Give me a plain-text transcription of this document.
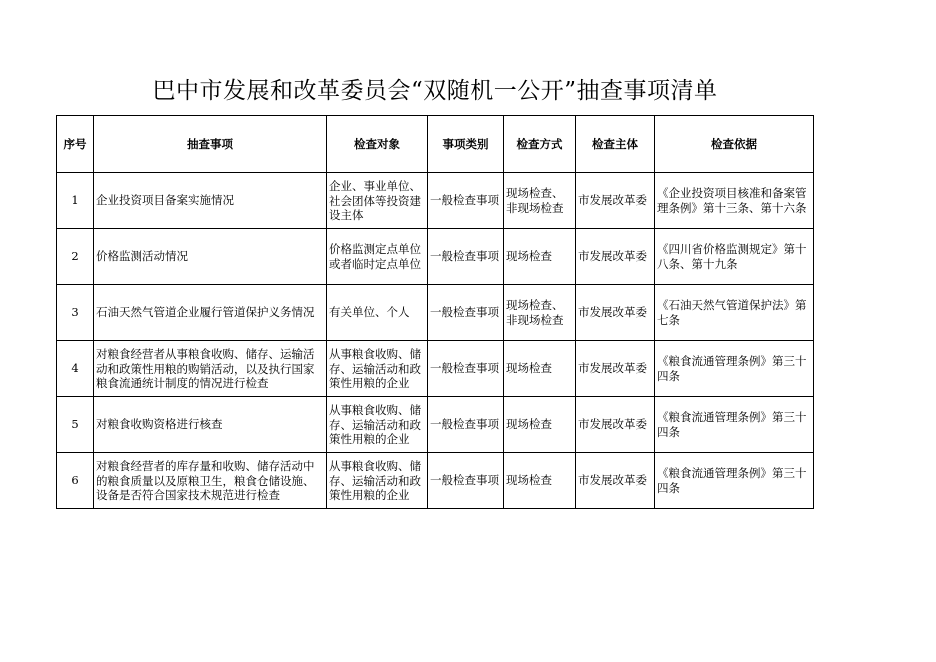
巴中市发展和改革委员会“双随机一公开”抽查事项清单
序号	抽查事项	检查对象	事项类别	检查方式	检查主体	检查依据
1	企业投资项目备案实施情况	企业、事业单位、社会团体等投资建设主体	一般检查事项	现场检查、非现场检查	市发展改革委	《企业投资项目核准和备案管理条例》第十三条、第十六条

2	价格监测活动情况	价格监测定点单位或者临时定点单位	一般检查事项	现场检查	市发展改革委	《四川省价格监测规定》第十八条、第十九条

3	石油天然气管道企业履行管道保护义务情况	有关单位、个人	一般检查事项	现场检查、非现场检查	市发展改革委	《石油天然气管道保护法》第七条

4	对粮食经营者从事粮食收购、储存、运输活动和政策性用粮的购销活动，以及执行国家粮食流通统计制度的情况进行检查	从事粮食收购、储存、运输活动和政策性用粮的企业	一般检查事项	现场检查	市发展改革委	《粮食流通管理条例》第三十四条

5	对粮食收购资格进行核查	从事粮食收购、储存、运输活动和政策性用粮的企业	一般检查事项	现场检查	市发展改革委	《粮食流通管理条例》第三十四条

6	对粮食经营者的库存量和收购、储存活动中的粮食质量以及原粮卫生，粮食仓储设施、设备是否符合国家技术规范进行检查	从事粮食收购、储存、运输活动和政策性用粮的企业	一般检查事项	现场检查	市发展改革委	《粮食流通管理条例》第三十四条
